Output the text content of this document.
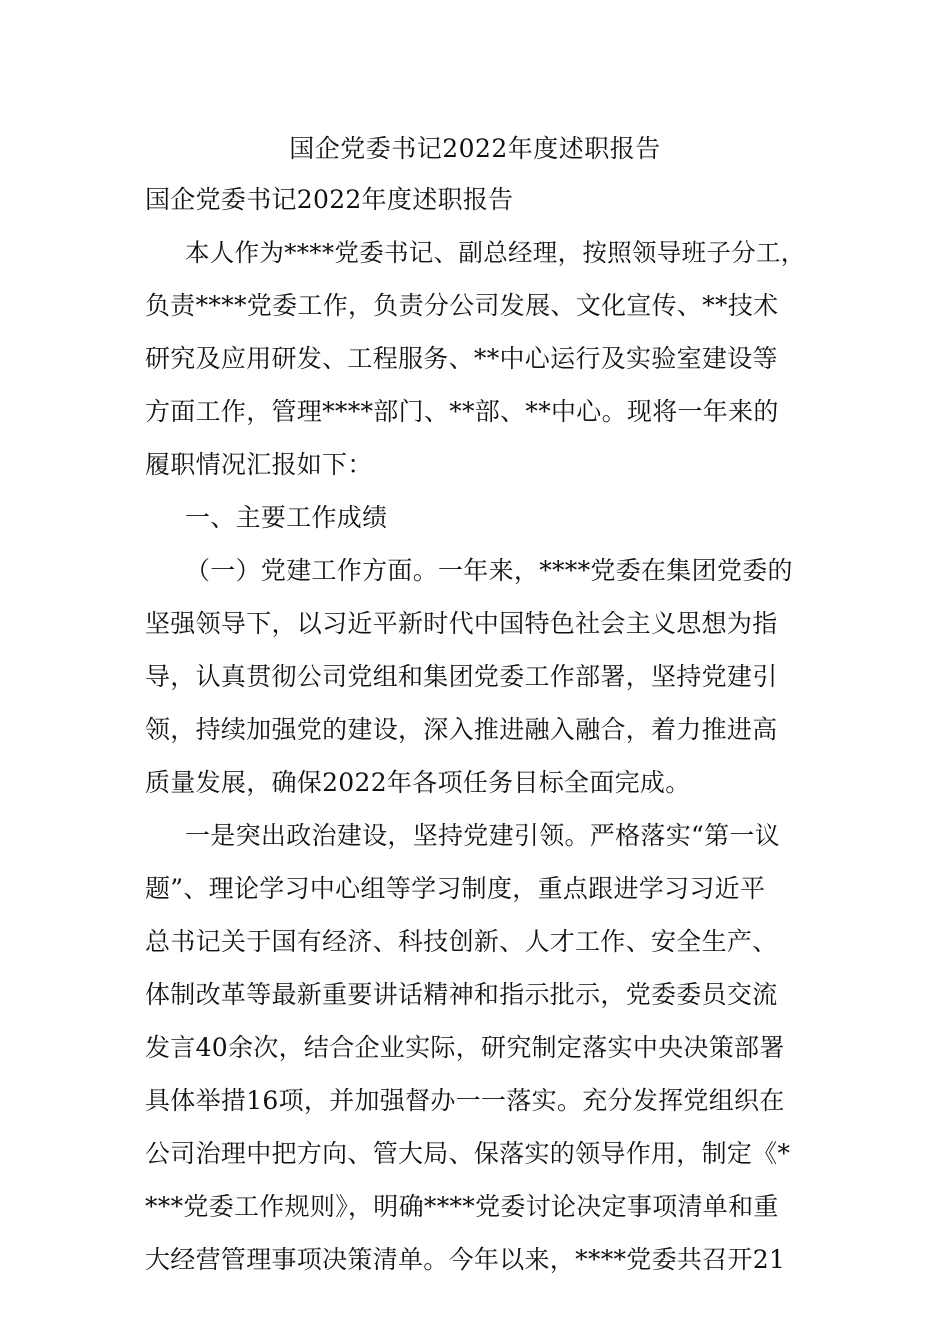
国企党委书记2022年度述职报告
国企党委书记2022年度述职报告
本人作为****党委书记、副总经理，按照领导班子分工，
负责****党委工作，负责分公司发展、文化宣传、**技术
研究及应用研发、工程服务、**中心运行及实验室建设等
方面工作，管理****部门、**部、**中心。现将一年来的
履职情况汇报如下：
一、主要工作成绩
（一）党建工作方面。一年来，****党委在集团党委的
坚强领导下，以习近平新时代中国特色社会主义思想为指
导，认真贯彻公司党组和集团党委工作部署，坚持党建引
领，持续加强党的建设，深入推进融入融合，着力推进高
质量发展，确保2022年各项任务目标全面完成。
一是突出政治建设，坚持党建引领。严格落实“第一议
题”、理论学习中心组等学习制度，重点跟进学习习近平
总书记关于国有经济、科技创新、人才工作、安全生产、
体制改革等最新重要讲话精神和指示批示，党委委员交流
发言40余次，结合企业实际，研究制定落实中央决策部署
具体举措16项，并加强督办一一落实。充分发挥党组织在
公司治理中把方向、管大局、保落实的领导作用，制定《*
***党委工作规则》，明确****党委讨论决定事项清单和重
大经营管理事项决策清单。今年以来，****党委共召开21
